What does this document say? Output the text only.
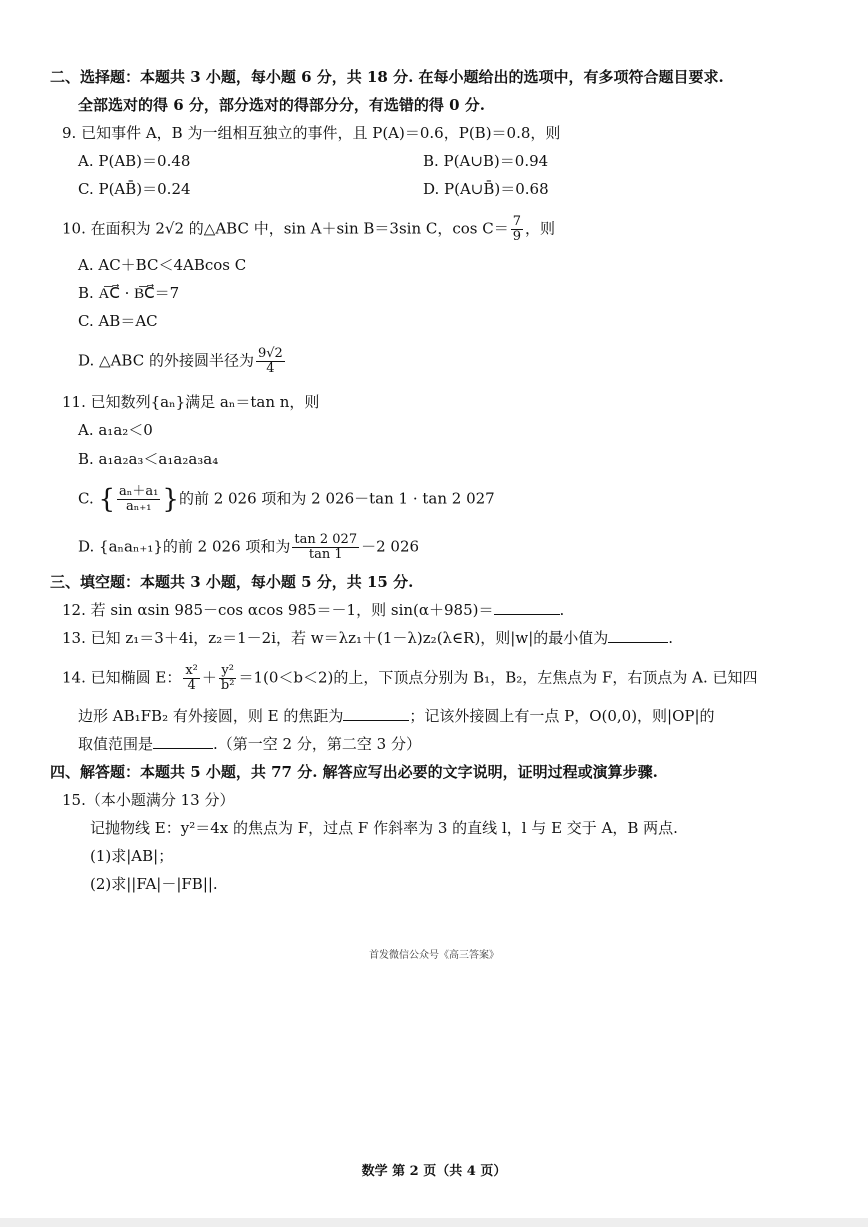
二、选择题：本题共 3 小题，每小题 6 分，共 18 分. 在每小题给出的选项中，有多项符合题目要求.
全部选对的得 6 分，部分选对的得部分分，有选错的得 0 分.
9. 已知事件 A，B 为一组相互独立的事件，且 P(A)＝0.6，P(B)＝0.8，则
A. P(AB)＝0.48	B. P(A∪B)＝0.94
C. P(AB̄)＝0.24	D. P(A∪B̄)＝0.68
10. 在面积为 2√2 的△ABC 中，sin A＋sin B＝3sin C，$\cos C= \frac{7}{9}$ ，则
A. AC＋BC＜4ABcos C
B. A͞C⃗ · B͞C⃗＝7
C. AB＝AC
D. △ABC 的外接圆半径为 $\frac{9√2}{4}$
11. 已知数列{aₙ}满足 aₙ＝tan n，则
A. a₁a₂＜0
B. a₁a₂a₃＜a₁a₂a₃a₄
C. { $\frac{\text{aₙ＋a₁}}{\text{aₙ₊₁}}$ }的前 2 026 项和为 2 026－tan 1 · tan 2 027
D. {aₙaₙ₊₁}的前 2 026 项和为 $\frac{\tan 2 027}{\tan 1} -2$ 026
三、填空题：本题共 3 小题，每小题 5 分，共 15 分.
12. 若 sin αsin 985－cos αcos 985＝－1，则 sin(α＋985)＝	.
13. 已知 z₁＝3＋4i，z₂＝1－2i，若 w＝λz₁＋(1－λ)z₂(λ∈R)，则|w|的最小值为	.
14. 已知椭圆 E： $\frac{\text{x²}}{4} + \frac{\text{y²}}{\text{b²}} =1(0<b<2)$的上，下顶点分别为 B₁，B₂，左焦点为 F，右顶点为 A. 已知四
边形 AB₁FB₂ 有外接圆，则 E 的焦距为	；记该外接圆上有一点 P，O(0,0)，则|OP|的
取值范围是	.（第一空 2 分，第二空 3 分）
四、解答题：本题共 5 小题，共 77 分. 解答应写出必要的文字说明，证明过程或演算步骤.
15.（本小题满分 13 分）
记抛物线 E：y²＝4x 的焦点为 F，过点 F 作斜率为 3 的直线 l，l 与 E 交于 A，B 两点.
(1)求|AB|；
(2)求||FA|－|FB||.
首发微信公众号《高三答案》
数学 第 2 页（共 4 页）
